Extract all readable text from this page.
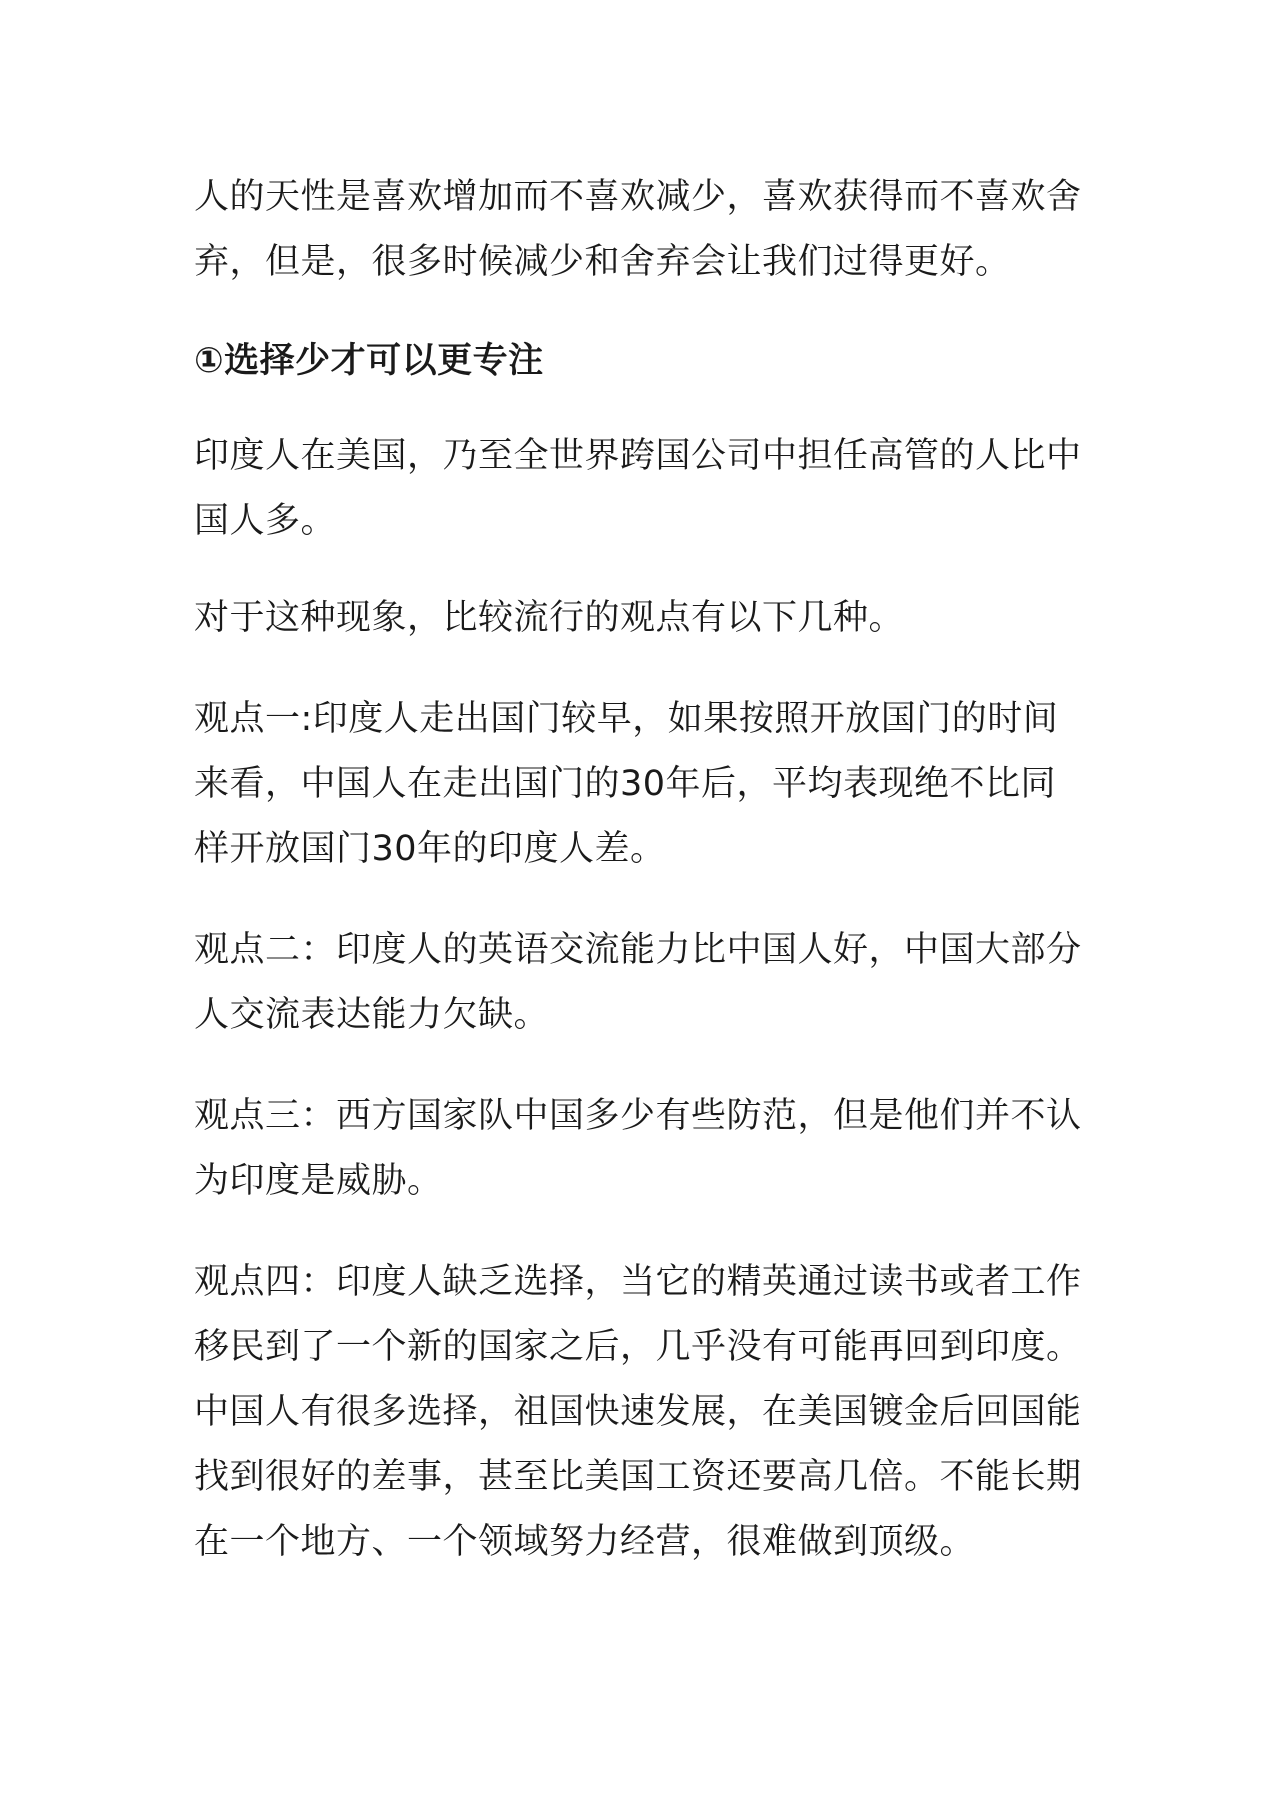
人的天性是喜欢增加而不喜欢减少，喜欢获得而不喜欢舍弃，但是，很多时候减少和舍弃会让我们过得更好。

①选择少才可以更专注

印度人在美国，乃至全世界跨国公司中担任高管的人比中国人多。

对于这种现象，比较流行的观点有以下几种。

观点一:印度人走出国门较早，如果按照开放国门的时间来看，中国人在走出国门的30年后，平均表现绝不比同样开放国门30年的印度人差。

观点二：印度人的英语交流能力比中国人好，中国大部分人交流表达能力欠缺。

观点三：西方国家队中国多少有些防范，但是他们并不认为印度是威胁。

观点四：印度人缺乏选择，当它的精英通过读书或者工作移民到了一个新的国家之后，几乎没有可能再回到印度。中国人有很多选择，祖国快速发展，在美国镀金后回国能找到很好的差事，甚至比美国工资还要高几倍。不能长期在一个地方、一个领域努力经营，很难做到顶级。
